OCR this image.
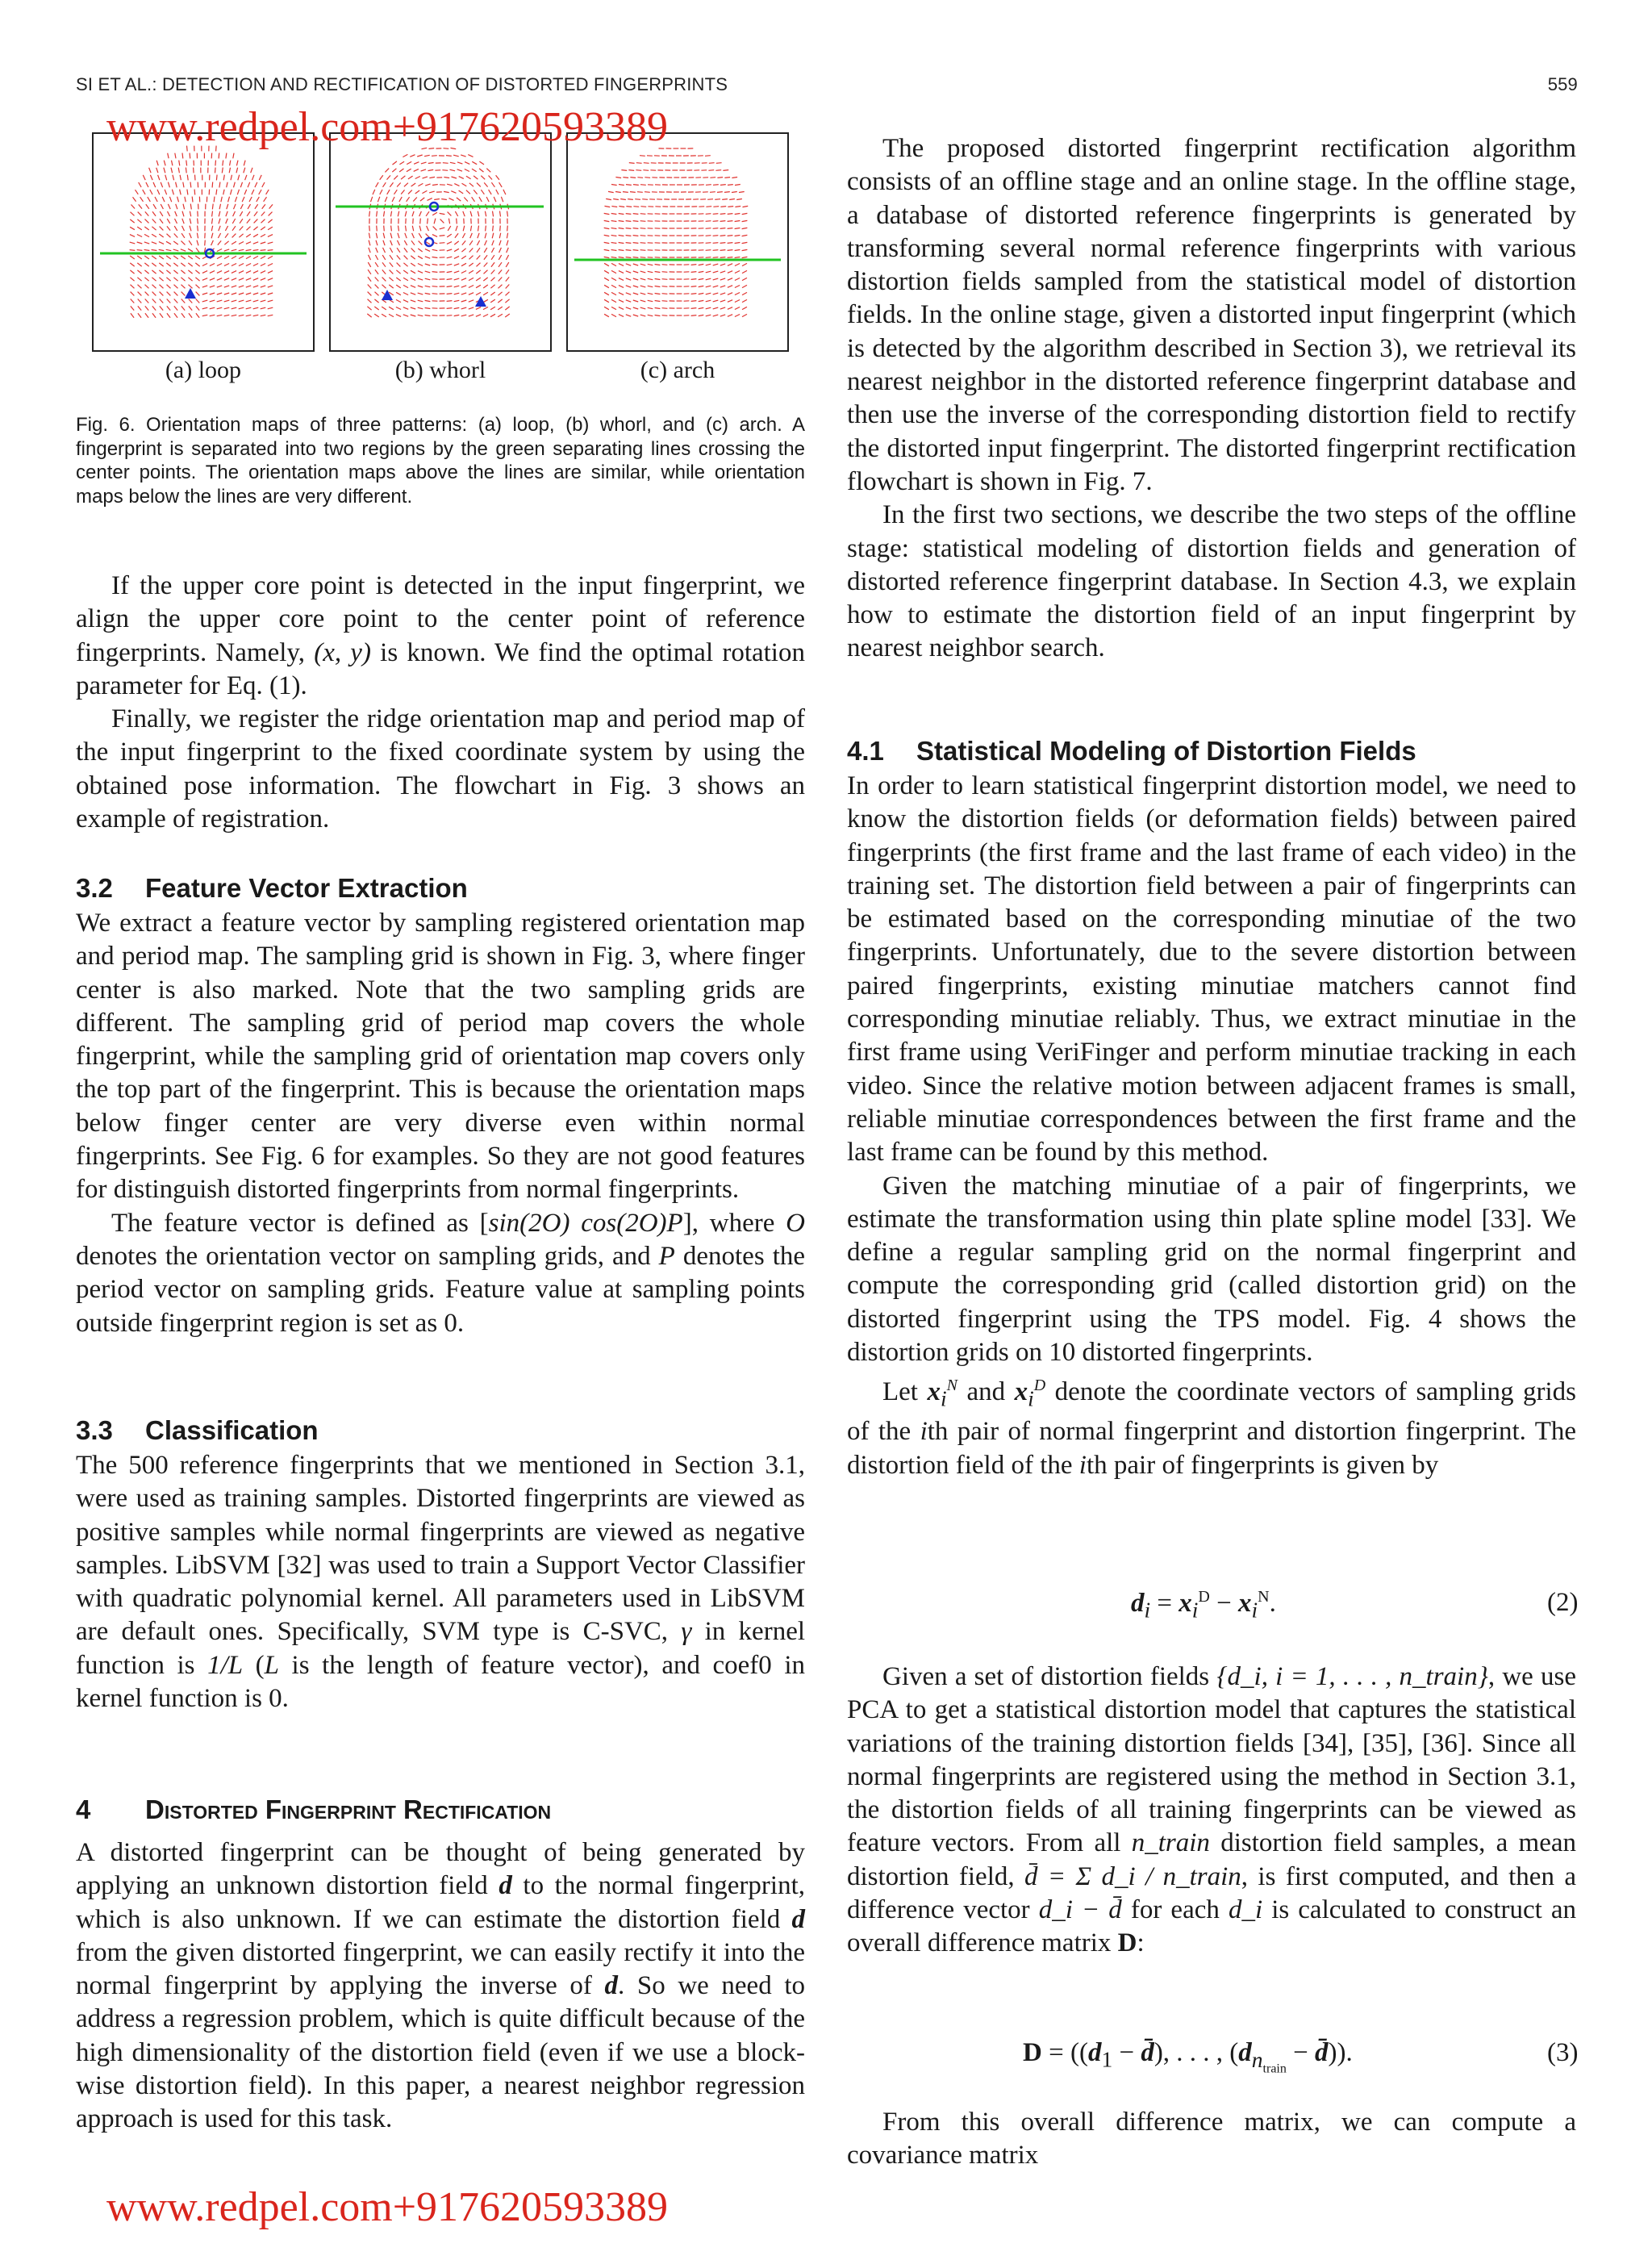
SI ET AL.: DETECTION AND RECTIFICATION OF DISTORTED FINGERPRINTS	559
(a) loop	(b) whorl	(c) arch
Fig. 6. Orientation maps of three patterns: (a) loop, (b) whorl, and (c) arch. A fingerprint is separated into two regions by the green separating lines crossing the center points. The orientation maps above the lines are similar, while orientation maps below the lines are very different.

If the upper core point is detected in the input fingerprint, we align the upper core point to the center point of reference fingerprints. Namely, (x, y) is known. We find the optimal rotation parameter for Eq. (1).

Finally, we register the ridge orientation map and period map of the input fingerprint to the fixed coordinate system by using the obtained pose information. The flowchart in Fig. 3 shows an example of registration.

3.2 Feature Vector Extraction

We extract a feature vector by sampling registered orientation map and period map. The sampling grid is shown in Fig. 3, where finger center is also marked. Note that the two sampling grids are different. The sampling grid of period map covers the whole fingerprint, while the sampling grid of orientation map covers only the top part of the fingerprint. This is because the orientation maps below finger center are very diverse even within normal fingerprints. See Fig. 6 for examples. So they are not good features for distinguish distorted fingerprints from normal fingerprints.

The feature vector is defined as [sin(2O) cos(2O)P], where O denotes the orientation vector on sampling grids, and P denotes the period vector on sampling grids. Feature value at sampling points outside fingerprint region is set as 0.

3.3 Classification

The 500 reference fingerprints that we mentioned in Section 3.1, were used as training samples. Distorted fingerprints are viewed as positive samples while normal fingerprints are viewed as negative samples. LibSVM [32] was used to train a Support Vector Classifier with quadratic polynomial kernel. All parameters used in LibSVM are default ones. Specifically, SVM type is C-SVC, γ in kernel function is 1/L (L is the length of feature vector), and coef0 in kernel function is 0.

4 Distorted Fingerprint Rectification

A distorted fingerprint can be thought of being generated by applying an unknown distortion field d to the normal fingerprint, which is also unknown. If we can estimate the distortion field d from the given distorted fingerprint, we can easily rectify it into the normal fingerprint by applying the inverse of d. So we need to address a regression problem, which is quite difficult because of the high dimensionality of the distortion field (even if we use a block-wise distortion field). In this paper, a nearest neighbor regression approach is used for this task.

The proposed distorted fingerprint rectification algorithm consists of an offline stage and an online stage. In the offline stage, a database of distorted reference fingerprints is generated by transforming several normal reference fingerprints with various distortion fields sampled from the statistical model of distortion fields. In the online stage, given a distorted input fingerprint (which is detected by the algorithm described in Section 3), we retrieval its nearest neighbor in the distorted reference fingerprint database and then use the inverse of the corresponding distortion field to rectify the distorted input fingerprint. The distorted fingerprint rectification flowchart is shown in Fig. 7.

In the first two sections, we describe the two steps of the offline stage: statistical modeling of distortion fields and generation of distorted reference fingerprint database. In Section 4.3, we explain how to estimate the distortion field of an input fingerprint by nearest neighbor search.

4.1 Statistical Modeling of Distortion Fields

In order to learn statistical fingerprint distortion model, we need to know the distortion fields (or deformation fields) between paired fingerprints (the first frame and the last frame of each video) in the training set. The distortion field between a pair of fingerprints can be estimated based on the corresponding minutiae of the two fingerprints. Unfortunately, due to the severe distortion between paired fingerprints, existing minutiae matchers cannot find corresponding minutiae reliably. Thus, we extract minutiae in the first frame using VeriFinger and perform minutiae tracking in each video. Since the relative motion between adjacent frames is small, reliable minutiae correspondences between the first frame and the last frame can be found by this method.

Given the matching minutiae of a pair of fingerprints, we estimate the transformation using thin plate spline model [33]. We define a regular sampling grid on the normal fingerprint and compute the corresponding grid (called distortion grid) on the distorted fingerprint using the TPS model. Fig. 4 shows the distortion grids on 10 distorted fingerprints.

Let $x_i^N$ and $x_i^D$ denote the coordinate vectors of sampling grids of the ith pair of normal fingerprint and distortion fingerprint. The distortion field of the ith pair of fingerprints is given by

$d_i = x_i^D - x_i^N$.	(2)

Given a set of distortion fields {d_i, i = 1, . . . , n_train}, we use PCA to get a statistical distortion model that captures the statistical variations of the training distortion fields [34], [35], [36]. Since all normal fingerprints are registered using the method in Section 3.1, the distortion fields of all training fingerprints can be viewed as feature vectors. From all n_train distortion field samples, a mean distortion field, d̄ = Σ d_i / n_train, is first computed, and then a difference vector d_i − d̄ for each d_i is calculated to construct an overall difference matrix D:

$D = ((d_1$ − d̄), . . . , ($d_{n_{train}}$ − d̄)).	(3)

From this overall difference matrix, we can compute a covariance matrix

www.redpel.com+917620593389
www.redpel.com+917620593389
